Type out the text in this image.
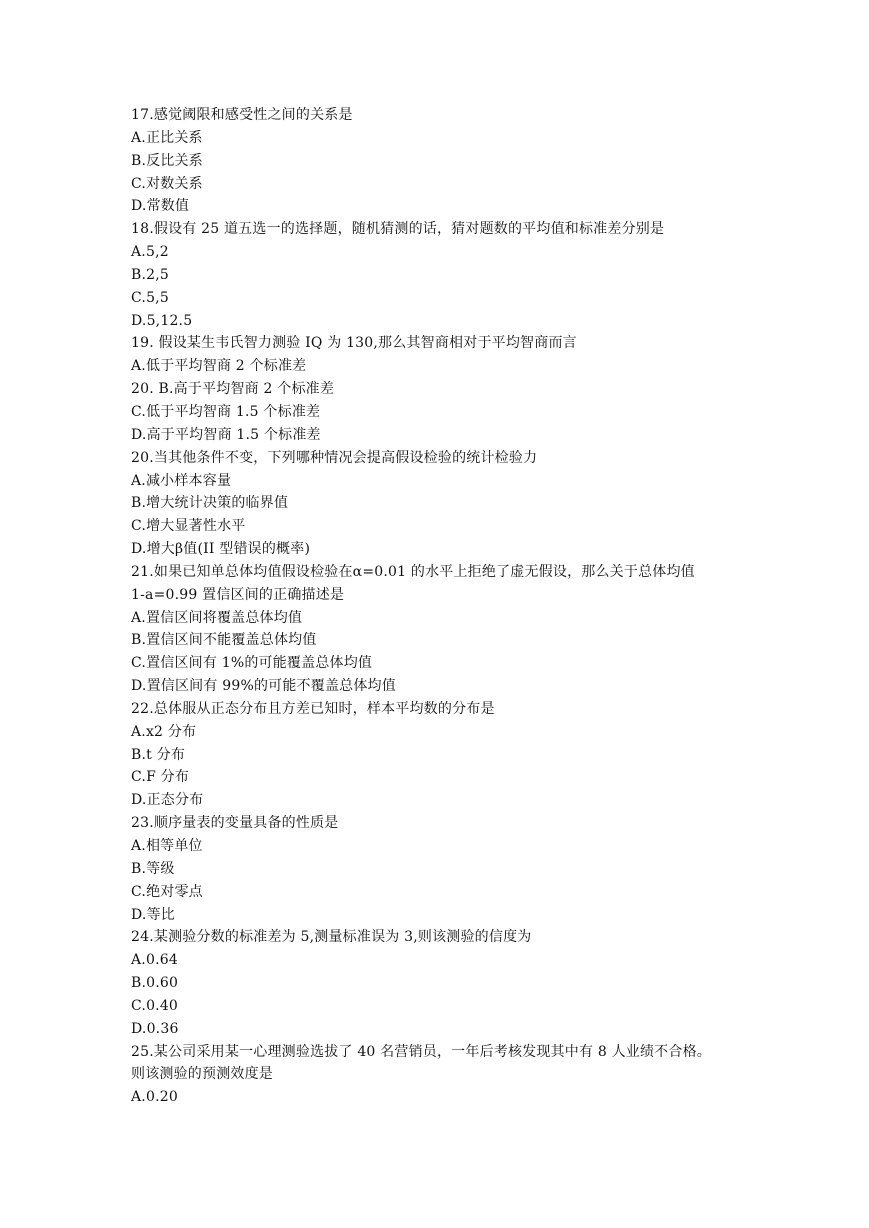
17.感觉阈限和感受性之间的关系是
A.正比关系
B.反比关系
C.对数关系
D.常数值
18.假设有 25 道五选一的选择题，随机猜测的话，猜对题数的平均值和标准差分别是
A.5,2
B.2,5
C.5,5
D.5,12.5
19. 假设某生韦氏智力测验 IQ 为 130,那么其智商相对于平均智商而言
A.低于平均智商 2 个标准差
20. B.高于平均智商 2 个标准差
C.低于平均智商 1.5 个标准差
D.高于平均智商 1.5 个标准差
20.当其他条件不变，下列哪种情况会提高假设检验的统计检验力
A.减小样本容量
B.增大统计决策的临界值
C.增大显著性水平
D.增大β值(II 型错误的概率)
21.如果已知单总体均值假设检验在α=0.01 的水平上拒绝了虚无假设，那么关于总体均值
1-a=0.99 置信区间的正确描述是
A.置信区间将覆盖总体均值
B.置信区间不能覆盖总体均值
C.置信区间有 1%的可能覆盖总体均值
D.置信区间有 99%的可能不覆盖总体均值
22.总体服从正态分布且方差已知时，样本平均数的分布是
A.x2 分布
B.t 分布
C.F 分布
D.正态分布
23.顺序量表的变量具备的性质是
A.相等单位
B.等级
C.绝对零点
D.等比
24.某测验分数的标准差为 5,测量标准误为 3,则该测验的信度为
A.0.64
B.0.60
C.0.40
D.0.36
25.某公司采用某一心理测验选拔了 40 名营销员，一年后考核发现其中有 8 人业绩不合格。
则该测验的预测效度是
A.0.20
